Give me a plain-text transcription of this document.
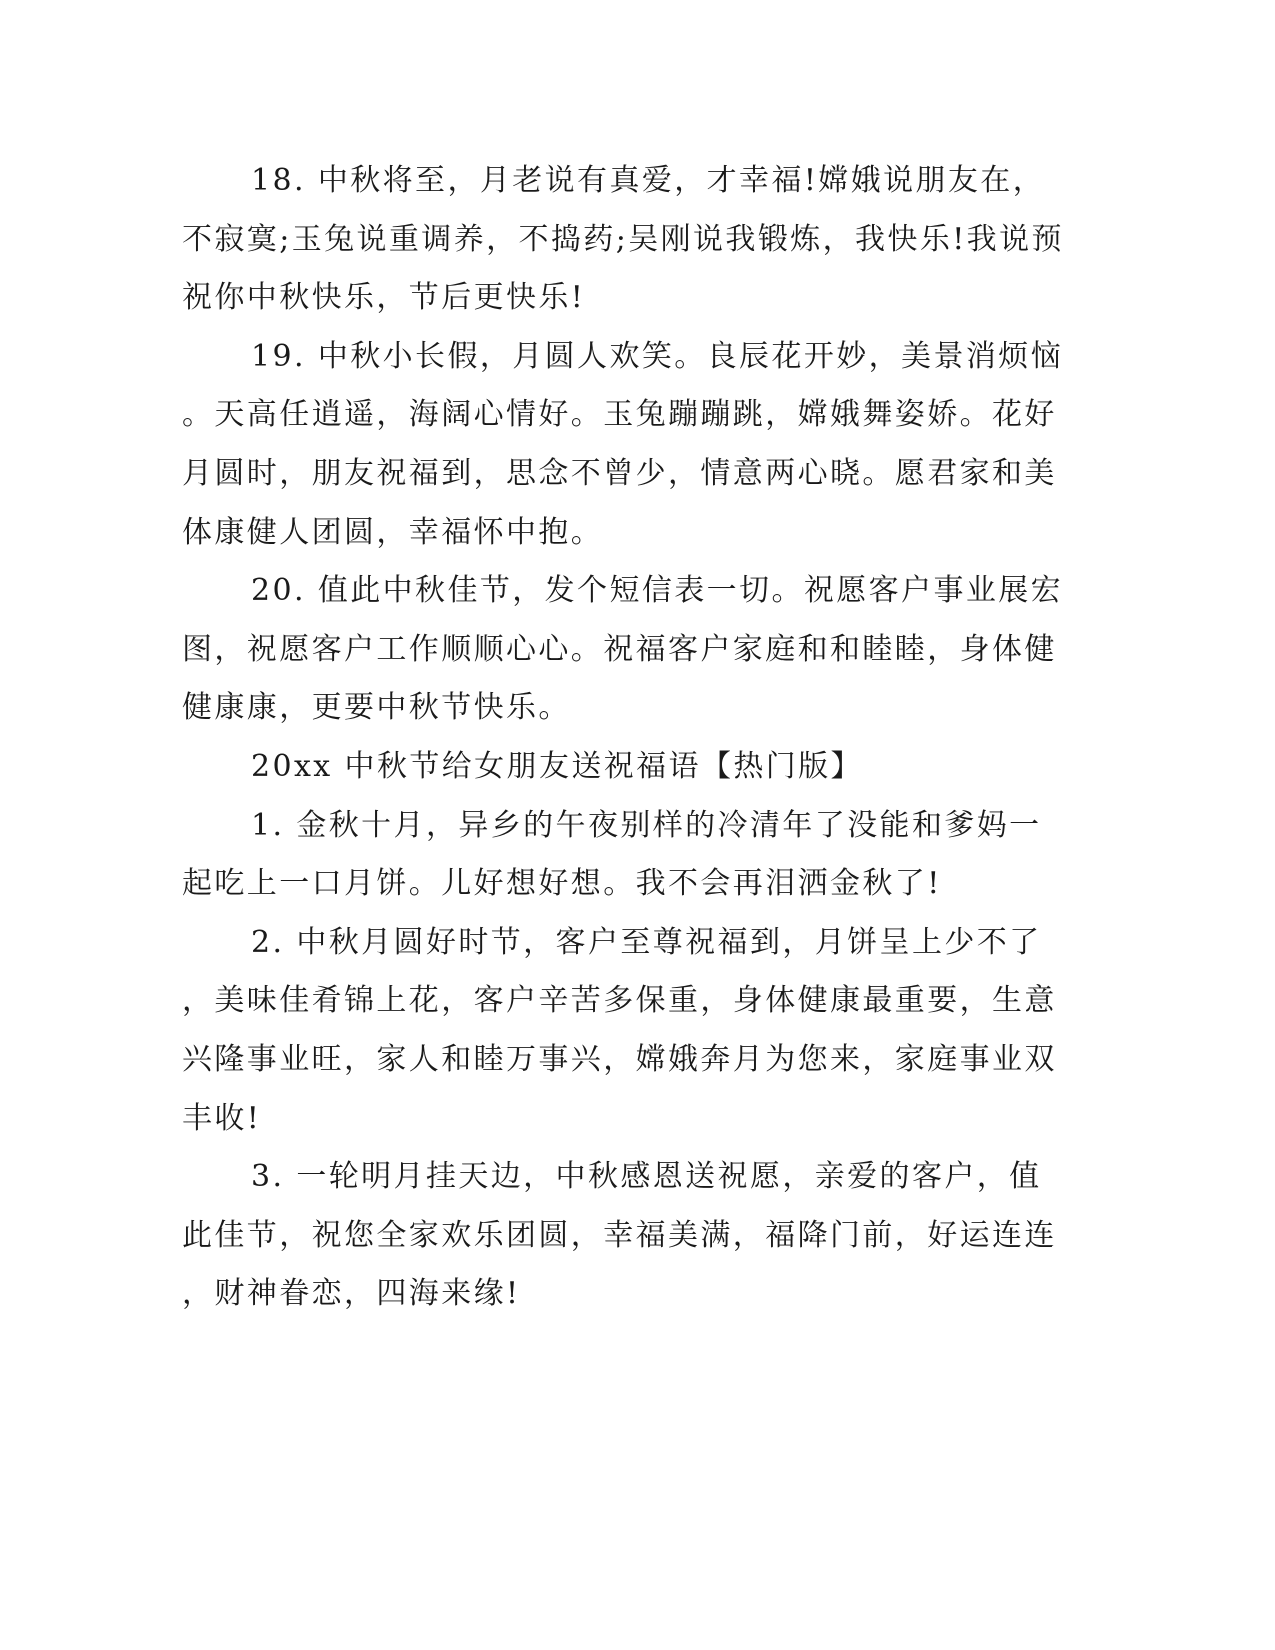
18. 中秋将至，月老说有真爱，才幸福!嫦娥说朋友在，
不寂寞;玉兔说重调养，不捣药;吴刚说我锻炼，我快乐!我说预
祝你中秋快乐，节后更快乐!
19. 中秋小长假，月圆人欢笑。良辰花开妙，美景消烦恼
。天高任逍遥，海阔心情好。玉兔蹦蹦跳，嫦娥舞姿娇。花好
月圆时，朋友祝福到，思念不曾少，情意两心晓。愿君家和美
体康健人团圆，幸福怀中抱。
20. 值此中秋佳节，发个短信表一切。祝愿客户事业展宏
图，祝愿客户工作顺顺心心。祝福客户家庭和和睦睦，身体健
健康康，更要中秋节快乐。
20xx 中秋节给女朋友送祝福语【热门版】
1. 金秋十月，异乡的午夜别样的冷清年了没能和爹妈一
起吃上一口月饼。儿好想好想。我不会再泪洒金秋了!
2. 中秋月圆好时节，客户至尊祝福到，月饼呈上少不了
，美味佳肴锦上花，客户辛苦多保重，身体健康最重要，生意
兴隆事业旺，家人和睦万事兴，嫦娥奔月为您来，家庭事业双
丰收!
3. 一轮明月挂天边，中秋感恩送祝愿，亲爱的客户，值
此佳节，祝您全家欢乐团圆，幸福美满，福降门前，好运连连
，财神眷恋，四海来缘!
